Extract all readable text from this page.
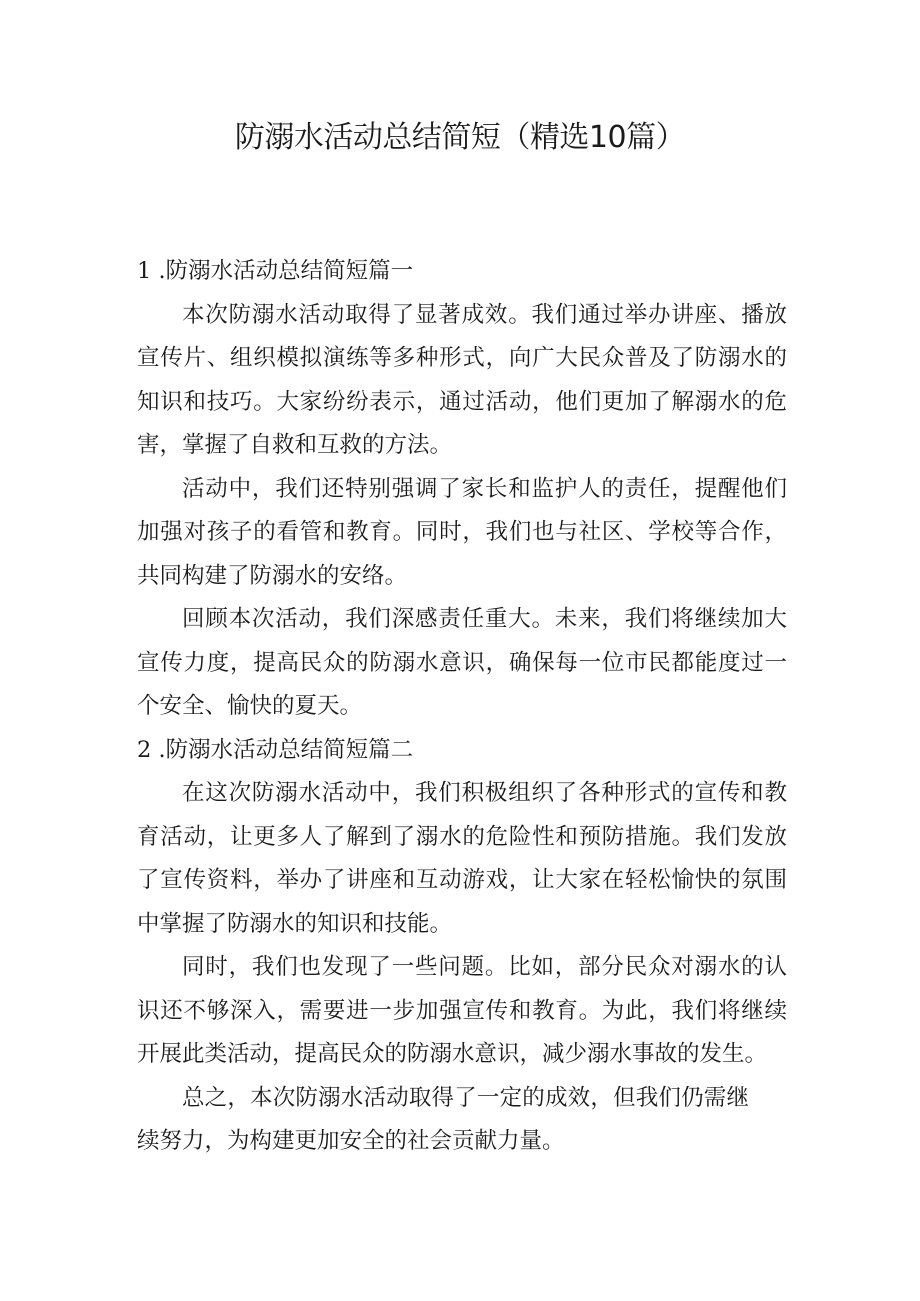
防溺水活动总结简短（精选10篇）
1 .防溺水活动总结简短篇一

本次防溺水活动取得了显著成效。我们通过举办讲座、播放宣传片、组织模拟演练等多种形式，向广大民众普及了防溺水的知识和技巧。大家纷纷表示，通过活动，他们更加了解溺水的危害，掌握了自救和互救的方法。

活动中，我们还特别强调了家长和监护人的责任，提醒他们加强对孩子的看管和教育。同时，我们也与社区、学校等合作，共同构建了防溺水的安络。

回顾本次活动，我们深感责任重大。未来，我们将继续加大宣传力度，提高民众的防溺水意识，确保每一位市民都能度过一个安全、愉快的夏天。

2 .防溺水活动总结简短篇二

在这次防溺水活动中，我们积极组织了各种形式的宣传和教育活动，让更多人了解到了溺水的危险性和预防措施。我们发放了宣传资料，举办了讲座和互动游戏，让大家在轻松愉快的氛围中掌握了防溺水的知识和技能。

同时，我们也发现了一些问题。比如，部分民众对溺水的认识还不够深入，需要进一步加强宣传和教育。为此，我们将继续开展此类活动，提高民众的防溺水意识，减少溺水事故的发生。

总之，本次防溺水活动取得了一定的成效，但我们仍需继续努力，为构建更加安全的社会贡献力量。
